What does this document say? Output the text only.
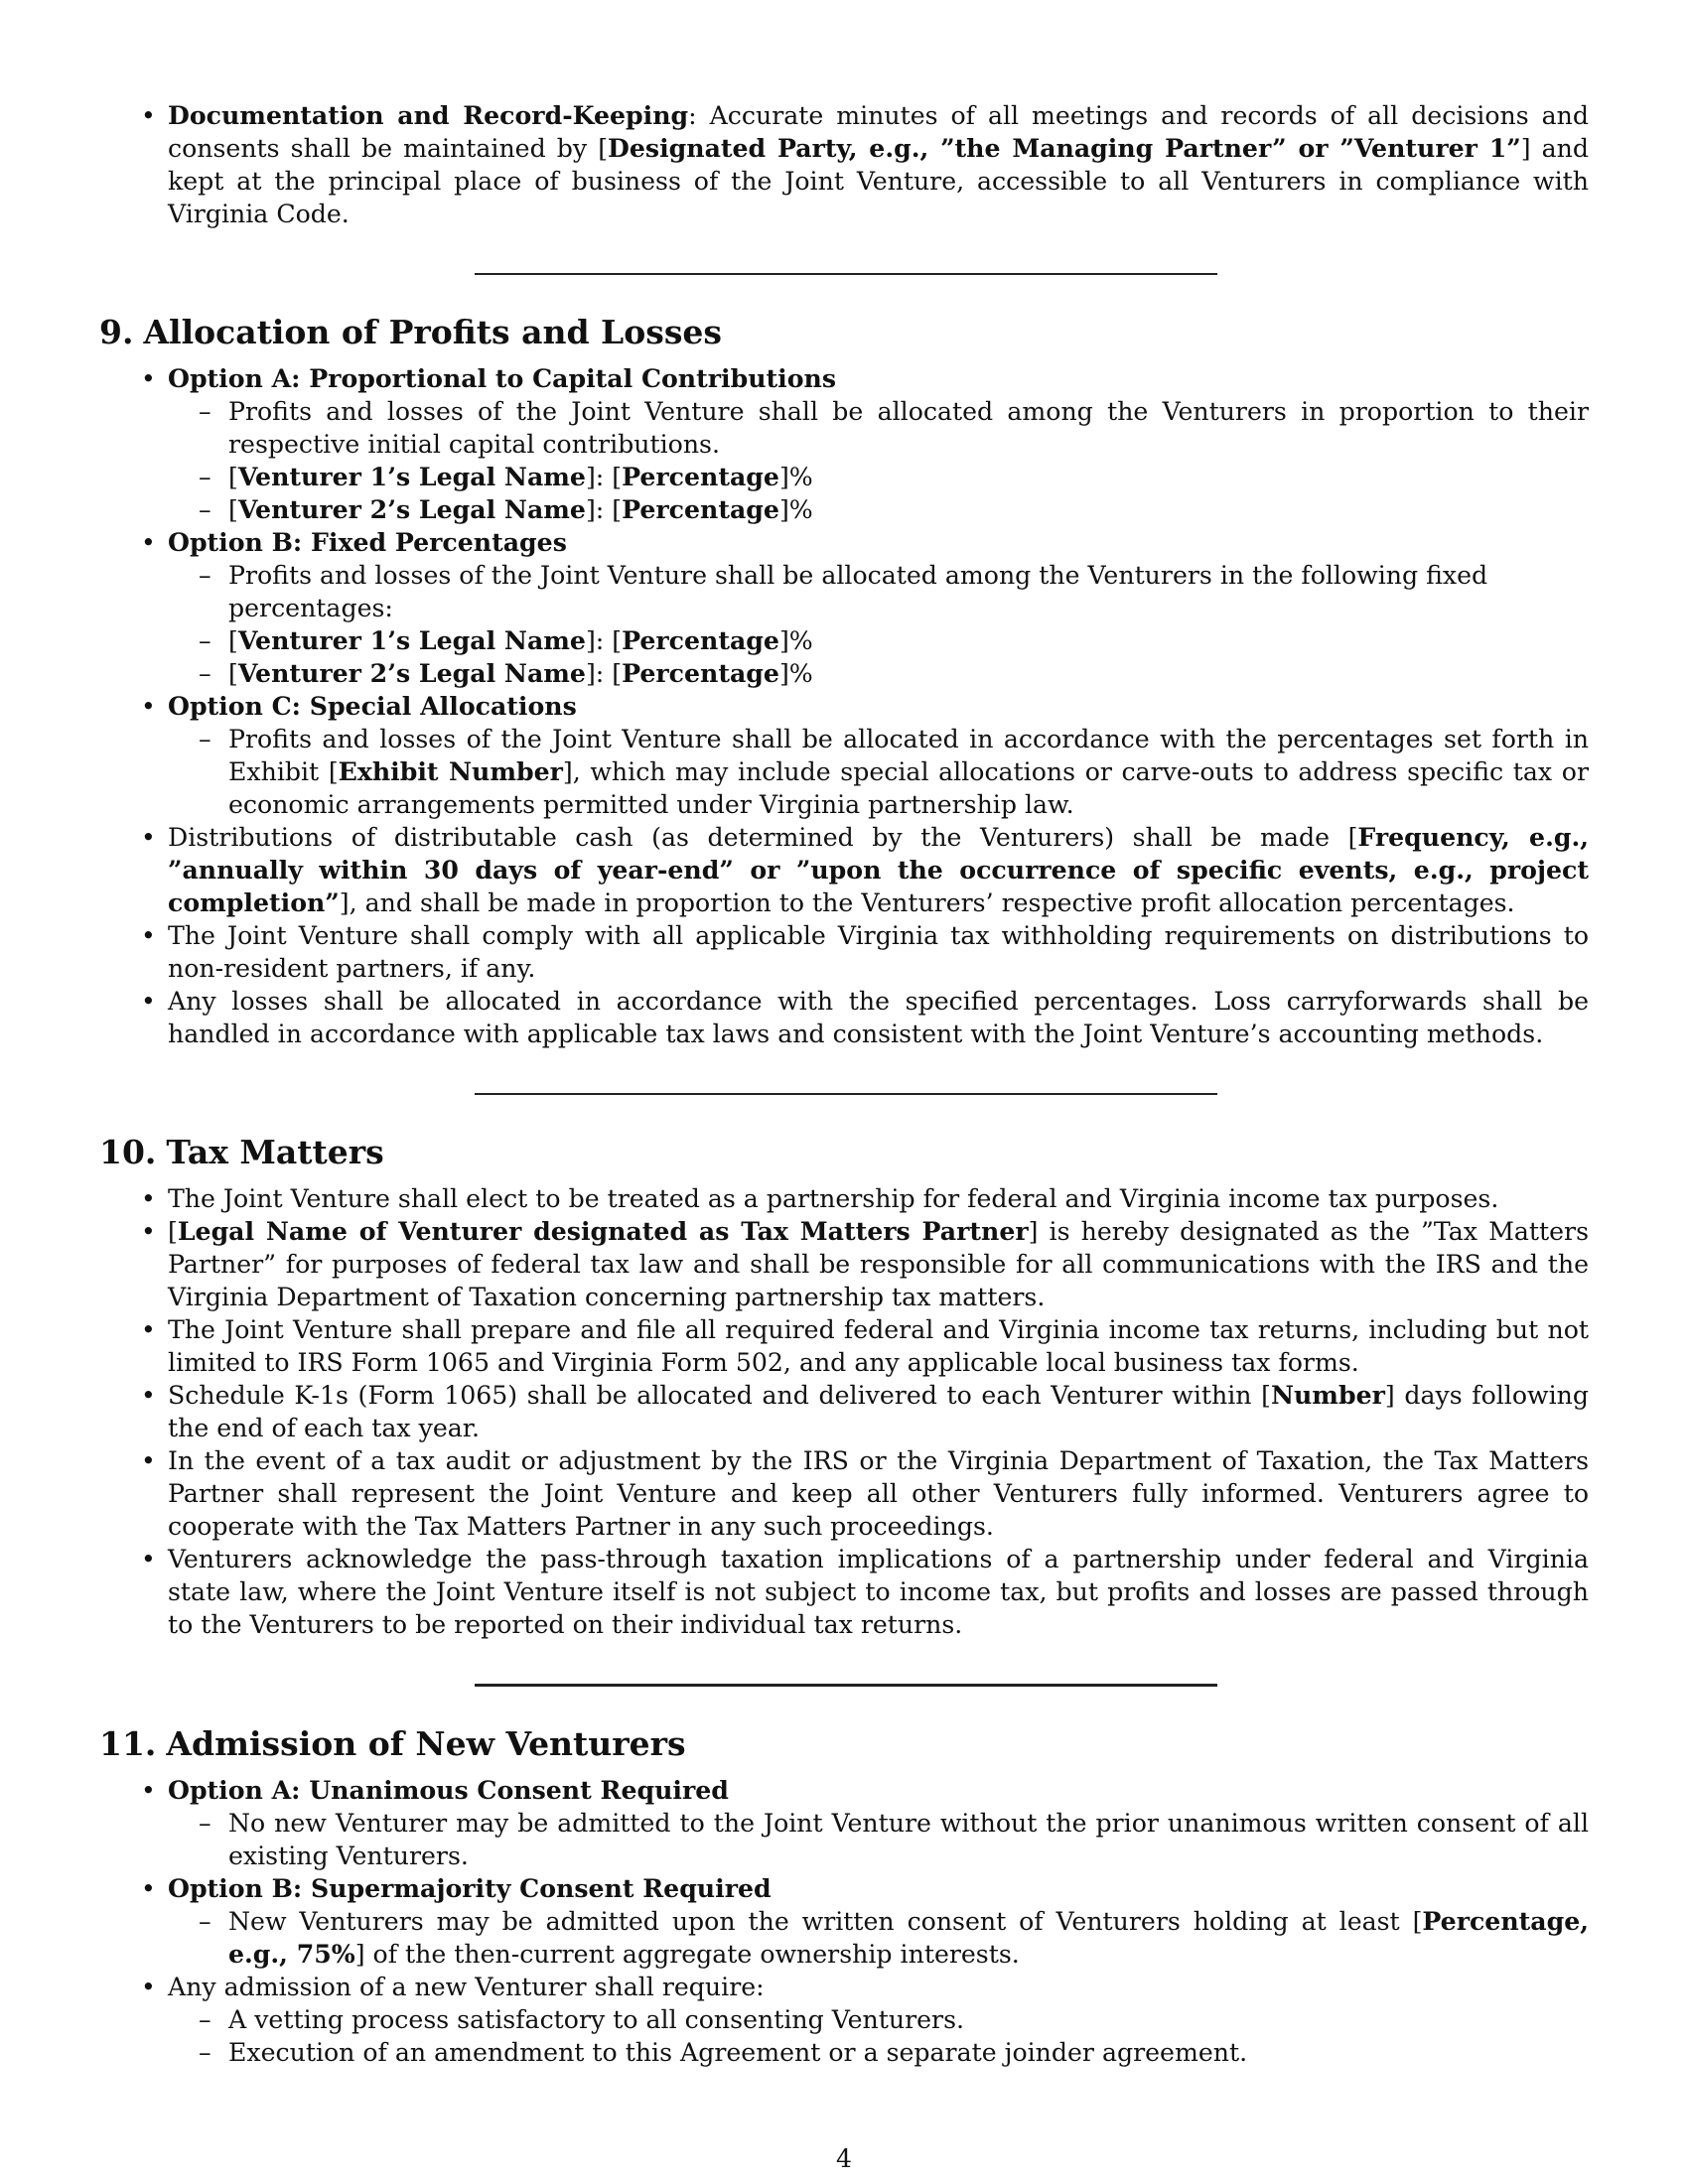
• Documentation and Record-Keeping: Accurate minutes of all meetings and records of all decisions and consents shall be maintained by [Designated Party, e.g., ”the Managing Partner” or ”Venturer 1”] and kept at the principal place of business of the Joint Venture, accessible to all Venturers in compliance with Virginia Code.
9. Allocation of Profits and Losses
• Option A: Proportional to Capital Contributions
– Profits and losses of the Joint Venture shall be allocated among the Venturers in proportion to their respective initial capital contributions.
– [Venturer 1’s Legal Name]: [Percentage]%
– [Venturer 2’s Legal Name]: [Percentage]%
• Option B: Fixed Percentages
– Profits and losses of the Joint Venture shall be allocated among the Venturers in the following fixed percentages:
– [Venturer 1’s Legal Name]: [Percentage]%
– [Venturer 2’s Legal Name]: [Percentage]%
• Option C: Special Allocations
– Profits and losses of the Joint Venture shall be allocated in accordance with the percentages set forth in Exhibit [Exhibit Number], which may include special allocations or carve-outs to address specific tax or economic arrangements permitted under Virginia partnership law.
• Distributions of distributable cash (as determined by the Venturers) shall be made [Frequency, e.g., ”annually within 30 days of year-end” or ”upon the occurrence of specific events, e.g., project completion”], and shall be made in proportion to the Venturers’ respective profit allocation percentages.
• The Joint Venture shall comply with all applicable Virginia tax withholding requirements on distributions to non-resident partners, if any.
• Any losses shall be allocated in accordance with the specified percentages. Loss carryforwards shall be handled in accordance with applicable tax laws and consistent with the Joint Venture’s accounting methods.
10. Tax Matters
• The Joint Venture shall elect to be treated as a partnership for federal and Virginia income tax purposes.
• [Legal Name of Venturer designated as Tax Matters Partner] is hereby designated as the ”Tax Matters Partner” for purposes of federal tax law and shall be responsible for all communications with the IRS and the Virginia Department of Taxation concerning partnership tax matters.
• The Joint Venture shall prepare and file all required federal and Virginia income tax returns, including but not limited to IRS Form 1065 and Virginia Form 502, and any applicable local business tax forms.
• Schedule K-1s (Form 1065) shall be allocated and delivered to each Venturer within [Number] days following the end of each tax year.
• In the event of a tax audit or adjustment by the IRS or the Virginia Department of Taxation, the Tax Matters Partner shall represent the Joint Venture and keep all other Venturers fully informed. Venturers agree to cooperate with the Tax Matters Partner in any such proceedings.
• Venturers acknowledge the pass-through taxation implications of a partnership under federal and Virginia state law, where the Joint Venture itself is not subject to income tax, but profits and losses are passed through to the Venturers to be reported on their individual tax returns.
11. Admission of New Venturers
• Option A: Unanimous Consent Required
– No new Venturer may be admitted to the Joint Venture without the prior unanimous written consent of all existing Venturers.
• Option B: Supermajority Consent Required
– New Venturers may be admitted upon the written consent of Venturers holding at least [Percentage, e.g., 75%] of the then-current aggregate ownership interests.
• Any admission of a new Venturer shall require:
– A vetting process satisfactory to all consenting Venturers.
– Execution of an amendment to this Agreement or a separate joinder agreement.
4
